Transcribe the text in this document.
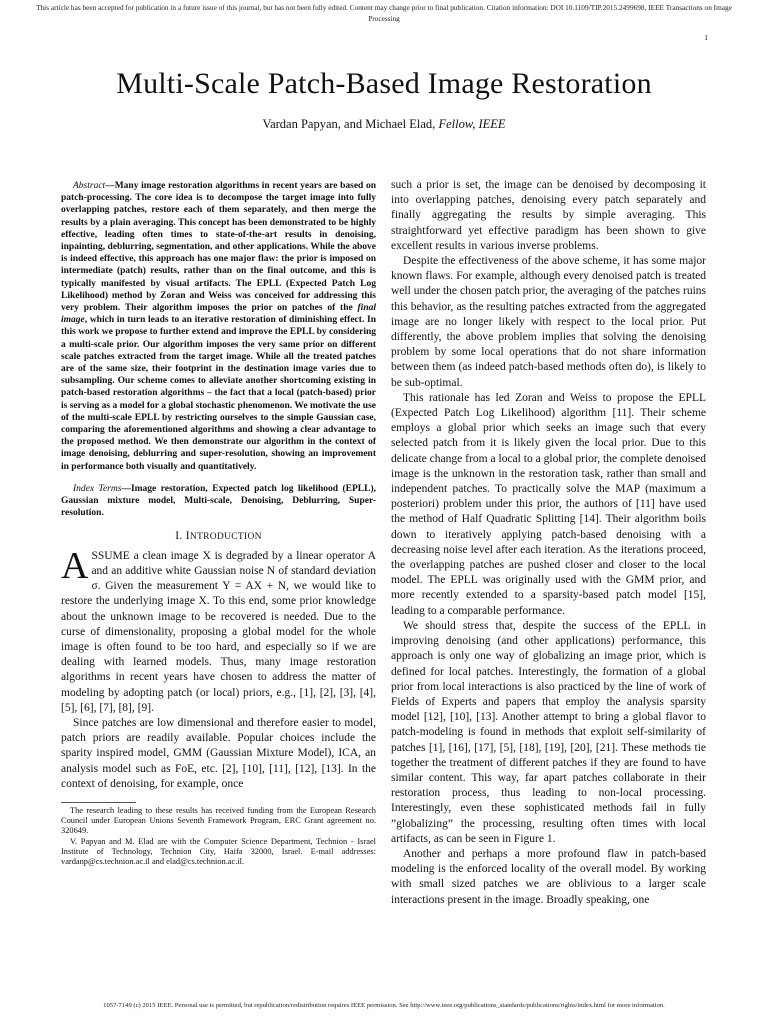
This article has been accepted for publication in a future issue of this journal, but has not been fully edited. Content may change prior to final publication. Citation information: DOI 10.1109/TIP.2015.2499698, IEEE Transactions on Image Processing
1
Multi-Scale Patch-Based Image Restoration
Vardan Papyan, and Michael Elad, Fellow, IEEE

Abstract—Many image restoration algorithms in recent years are based on patch-processing. The core idea is to decompose the target image into fully overlapping patches, restore each of them separately, and then merge the results by a plain averaging. This concept has been demonstrated to be highly effective, leading often times to state-of-the-art results in denoising, inpainting, deblurring, segmentation, and other applications. While the above is indeed effective, this approach has one major flaw: the prior is imposed on intermediate (patch) results, rather than on the final outcome, and this is typically manifested by visual artifacts. The EPLL (Expected Patch Log Likelihood) method by Zoran and Weiss was conceived for addressing this very problem. Their algorithm imposes the prior on patches of the final image, which in turn leads to an iterative restoration of diminishing effect. In this work we propose to further extend and improve the EPLL by considering a multi-scale prior. Our algorithm imposes the very same prior on different scale patches extracted from the target image. While all the treated patches are of the same size, their footprint in the destination image varies due to subsampling. Our scheme comes to alleviate another shortcoming existing in patch-based restoration algorithms – the fact that a local (patch-based) prior is serving as a model for a global stochastic phenomenon. We motivate the use of the multi-scale EPLL by restricting ourselves to the simple Gaussian case, comparing the aforementioned algorithms and showing a clear advantage to the proposed method. We then demonstrate our algorithm in the context of image denoising, deblurring and super-resolution, showing an improvement in performance both visually and quantitatively.

Index Terms—Image restoration, Expected patch log likelihood (EPLL), Gaussian mixture model, Multi-scale, Denoising, Deblurring, Super-resolution.

I. INTRODUCTION

ASSUME a clean image X is degraded by a linear operator A and an additive white Gaussian noise N of standard deviation σ. Given the measurement Y = AX + N, we would like to restore the underlying image X. To this end, some prior knowledge about the unknown image to be recovered is needed. Due to the curse of dimensionality, proposing a global model for the whole image is often found to be too hard, and especially so if we are dealing with learned models. Thus, many image restoration algorithms in recent years have chosen to address the matter of modeling by adopting patch (or local) priors, e.g., [1], [2], [3], [4], [5], [6], [7], [8], [9].

Since patches are low dimensional and therefore easier to model, patch priors are readily available. Popular choices include the sparity inspired model, GMM (Gaussian Mixture Model), ICA, an analysis model such as FoE, etc. [2], [10], [11], [12], [13]. In the context of denoising, for example, once

The research leading to these results has received funding from the European Research Council under European Unions Seventh Framework Program, ERC Grant agreement no. 320649.

V. Papyan and M. Elad are with the Computer Science Department, Technion - Israel Institute of Technology, Technion City, Haifa 32000, Israel. E-mail addresses: vardanp@cs.technion.ac.il and elad@cs.technion.ac.il.

such a prior is set, the image can be denoised by decomposing it into overlapping patches, denoising every patch separately and finally aggregating the results by simple averaging. This straightforward yet effective paradigm has been shown to give excellent results in various inverse problems.

Despite the effectiveness of the above scheme, it has some major known flaws. For example, although every denoised patch is treated well under the chosen patch prior, the averaging of the patches ruins this behavior, as the resulting patches extracted from the aggregated image are no longer likely with respect to the local prior. Put differently, the above problem implies that solving the denoising problem by some local operations that do not share information between them (as indeed patch-based methods often do), is likely to be sub-optimal.

This rationale has led Zoran and Weiss to propose the EPLL (Expected Patch Log Likelihood) algorithm [11]. Their scheme employs a global prior which seeks an image such that every selected patch from it is likely given the local prior. Due to this delicate change from a local to a global prior, the complete denoised image is the unknown in the restoration task, rather than small and independent patches. To practically solve the MAP (maximum a posteriori) problem under this prior, the authors of [11] have used the method of Half Quadratic Splitting [14]. Their algorithm boils down to iteratively applying patch-based denoising with a decreasing noise level after each iteration. As the iterations proceed, the overlapping patches are pushed closer and closer to the local model. The EPLL was originally used with the GMM prior, and more recently extended to a sparsity-based patch model [15], leading to a comparable performance.

We should stress that, despite the success of the EPLL in improving denoising (and other applications) performance, this approach is only one way of globalizing an image prior, which is defined for local patches. Interestingly, the formation of a global prior from local interactions is also practiced by the line of work of Fields of Experts and papers that employ the analysis sparsity model [12], [10], [13]. Another attempt to bring a global flavor to patch-modeling is found in methods that exploit self-similarity of patches [1], [16], [17], [5], [18], [19], [20], [21]. These methods tie together the treatment of different patches if they are found to have similar content. This way, far apart patches collaborate in their restoration process, thus leading to non-local processing. Interestingly, even these sophisticated methods fail in fully ”globalizing” the processing, resulting often times with local artifacts, as can be seen in Figure 1.

Another and perhaps a more profound flaw in patch-based modeling is the enforced locality of the overall model. By working with small sized patches we are oblivious to a larger scale interactions present in the image. Broadly speaking, one

1057-7149 (c) 2015 IEEE. Personal use is permitted, but republication/redistribution requires IEEE permission. See http://www.ieee.org/publications_standards/publications/rights/index.html for more information.
